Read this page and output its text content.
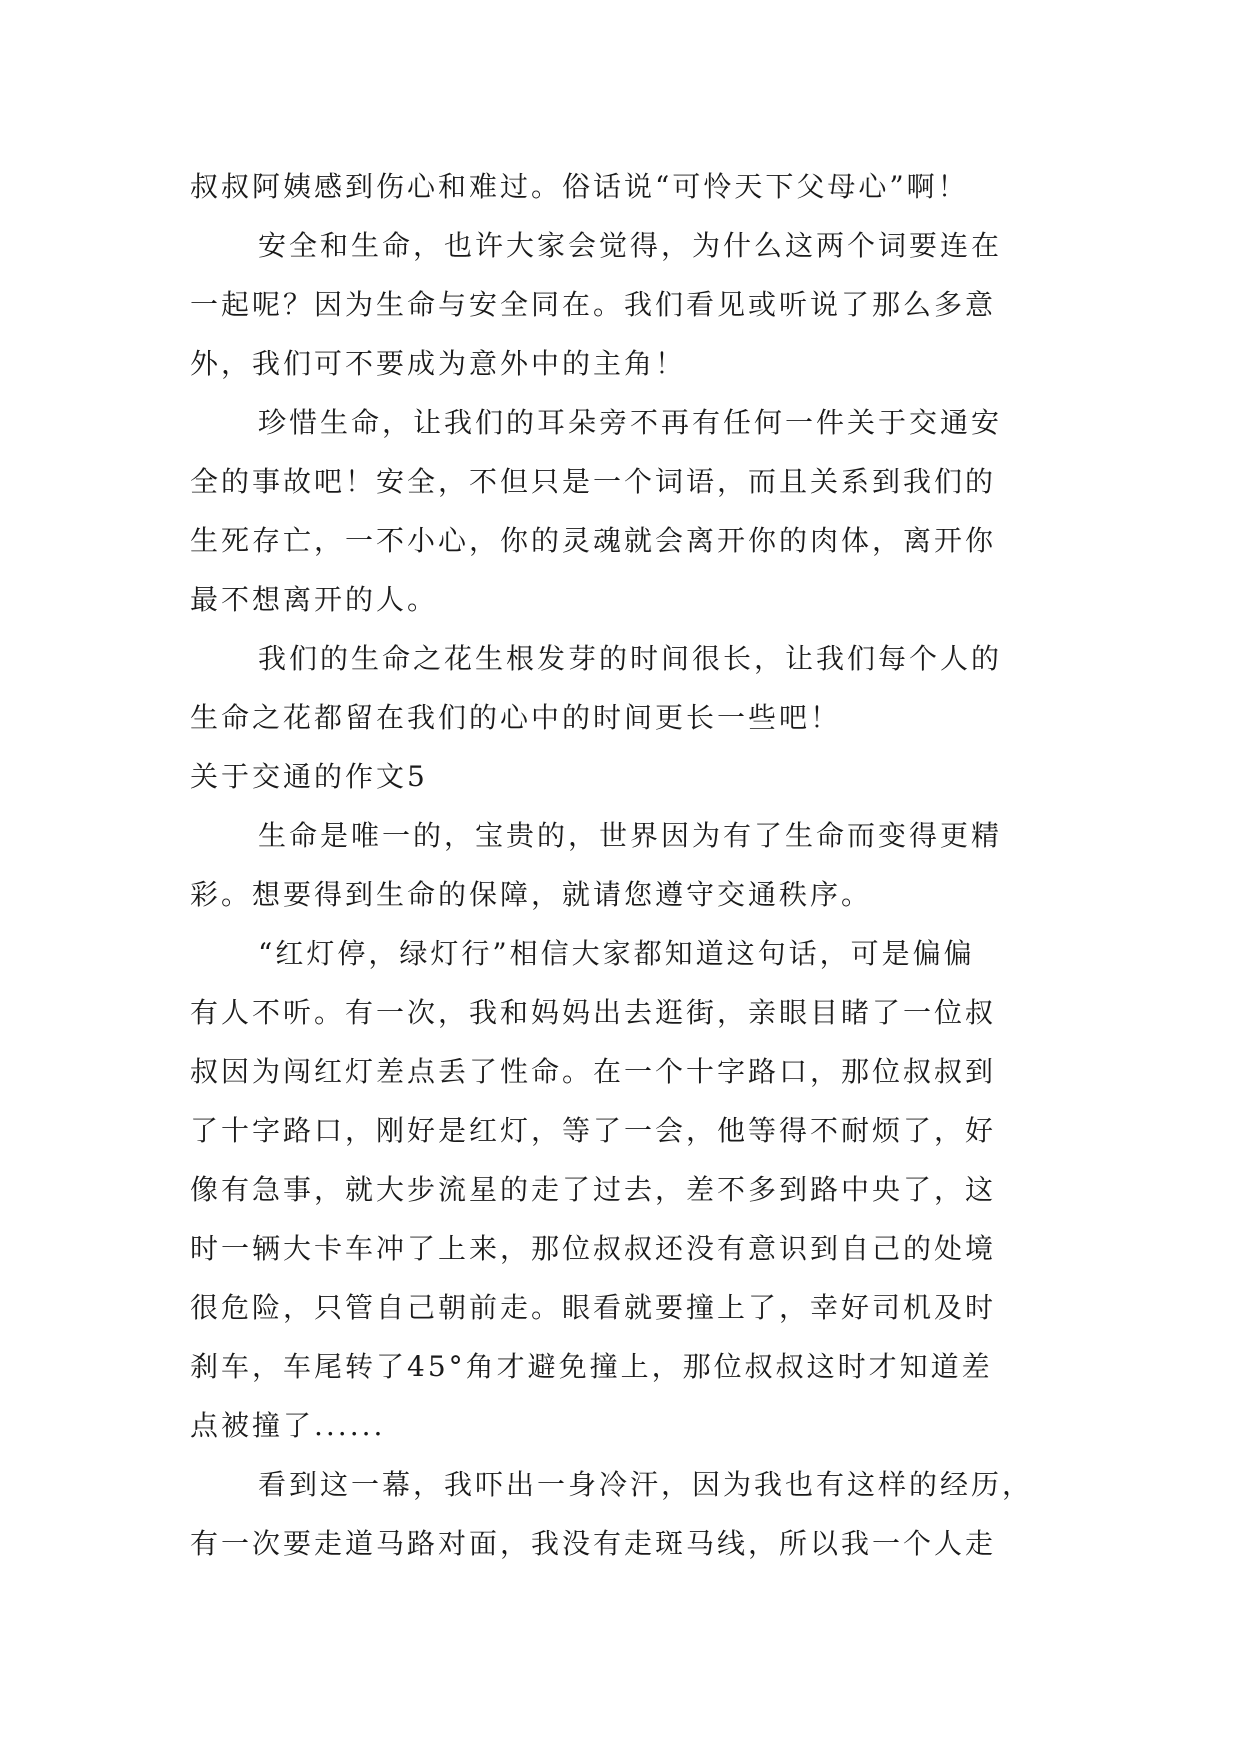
叔叔阿姨感到伤心和难过。俗话说“可怜天下父母心”啊！
安全和生命，也许大家会觉得，为什么这两个词要连在
一起呢？因为生命与安全同在。我们看见或听说了那么多意
外，我们可不要成为意外中的主角！
珍惜生命，让我们的耳朵旁不再有任何一件关于交通安
全的事故吧！安全，不但只是一个词语，而且关系到我们的
生死存亡，一不小心，你的灵魂就会离开你的肉体，离开你
最不想离开的人。
我们的生命之花生根发芽的时间很长，让我们每个人的
生命之花都留在我们的心中的时间更长一些吧！
关于交通的作文5
生命是唯一的，宝贵的，世界因为有了生命而变得更精
彩。想要得到生命的保障，就请您遵守交通秩序。
“红灯停，绿灯行”相信大家都知道这句话，可是偏偏
有人不听。有一次，我和妈妈出去逛街，亲眼目睹了一位叔
叔因为闯红灯差点丢了性命。在一个十字路口，那位叔叔到
了十字路口，刚好是红灯，等了一会，他等得不耐烦了，好
像有急事，就大步流星的走了过去，差不多到路中央了，这
时一辆大卡车冲了上来，那位叔叔还没有意识到自己的处境
很危险，只管自己朝前走。眼看就要撞上了，幸好司机及时
刹车，车尾转了45°角才避免撞上，那位叔叔这时才知道差
点被撞了......
看到这一幕，我吓出一身冷汗，因为我也有这样的经历，
有一次要走道马路对面，我没有走斑马线，所以我一个人走
